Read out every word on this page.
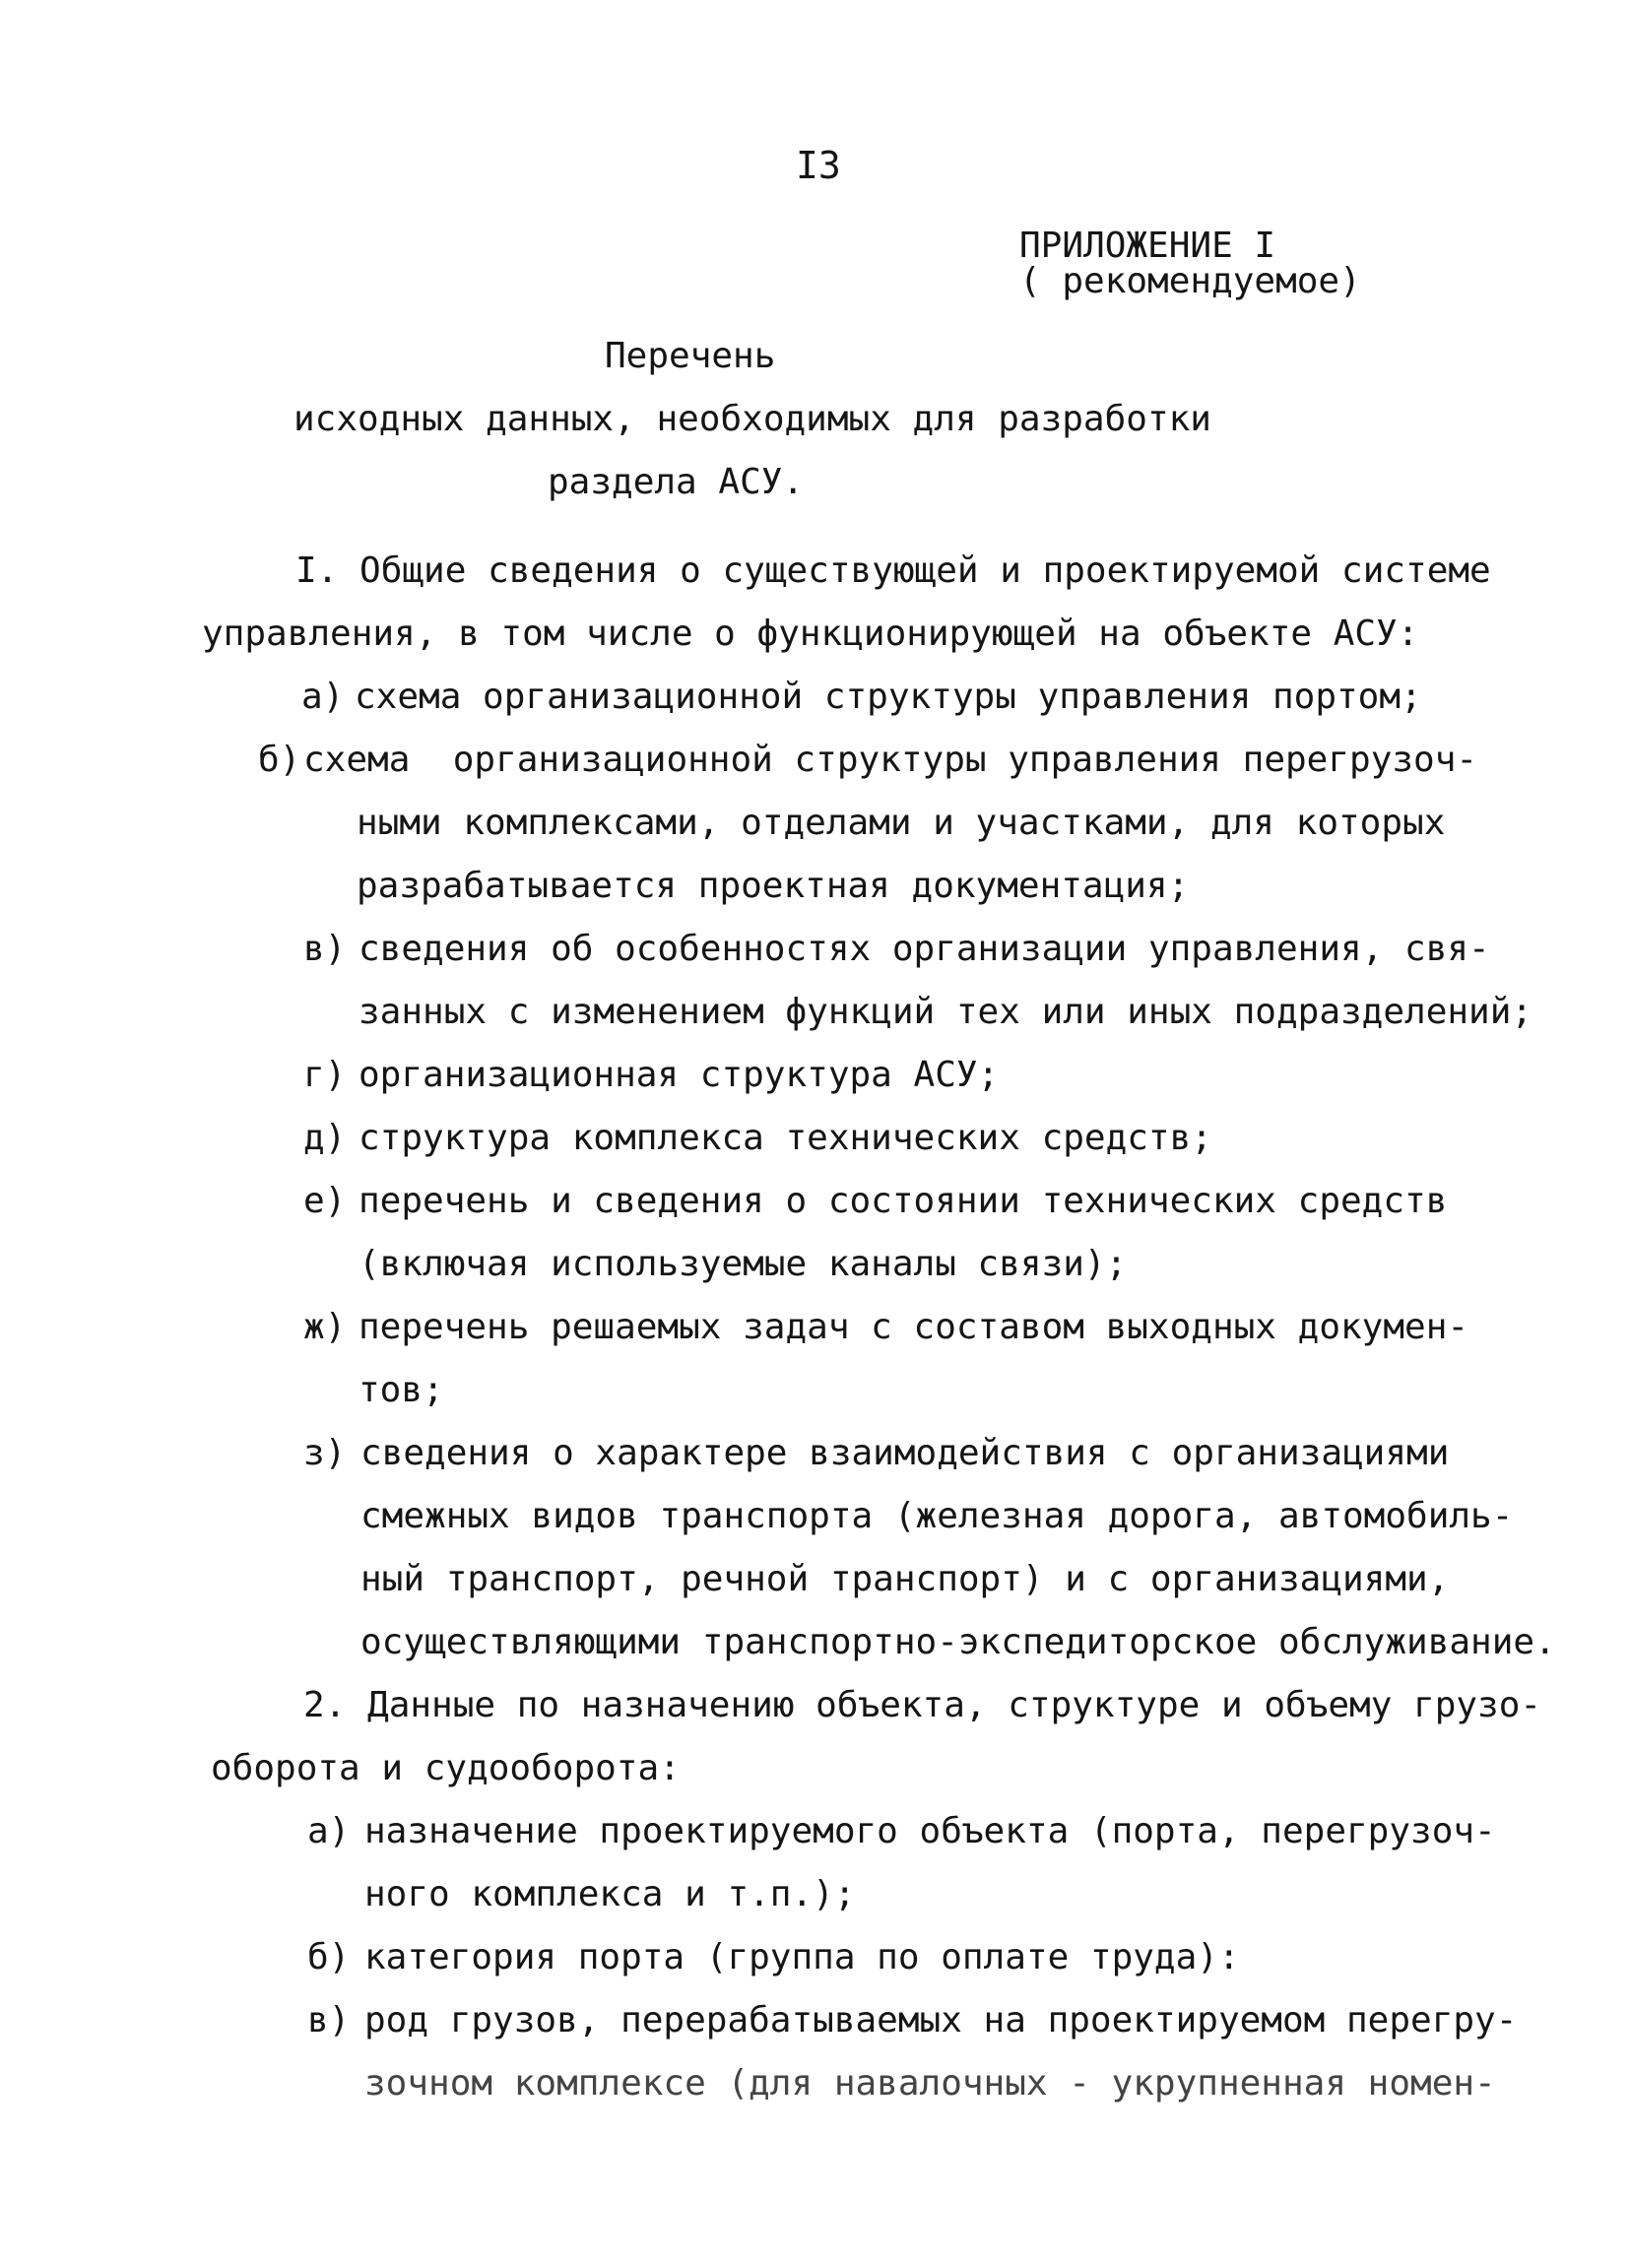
I3
ПРИЛОЖЕНИЕ I
( рекомендуемое)
Перечень
исходных данных, необходимых для разработки
раздела АСУ.
I. Общие сведения о существующей и проектируемой системе
управления, в том числе о функционирующей на объекте АСУ:
а) схема организационной структуры управления портом;
б) схема  организационной структуры управления перегрузоч-
ными комплексами, отделами и участками, для которых
разрабатывается проектная документация;
в) сведения об особенностях организации управления, свя-
занных с изменением функций тех или иных подразделений;
г) организационная структура АСУ;
д) структура комплекса технических средств;
е) перечень и сведения о состоянии технических средств
(включая используемые каналы связи);
ж) перечень решаемых задач с составом выходных докумен-
тов;
з) сведения о характере взаимодействия с организациями
смежных видов транспорта (железная дорога, автомобиль-
ный транспорт, речной транспорт) и с организациями,
осуществляющими транспортно-экспедиторское обслуживание.
2. Данные по назначению объекта, структуре и объему грузо-
оборота и судооборота:
а) назначение проектируемого объекта (порта, перегрузоч-
ного комплекса и т.п.);
б) категория порта (группа по оплате труда):
в) род грузов, перерабатываемых на проектируемом перегру-
зочном комплексе (для навалочных - укрупненная номен-
